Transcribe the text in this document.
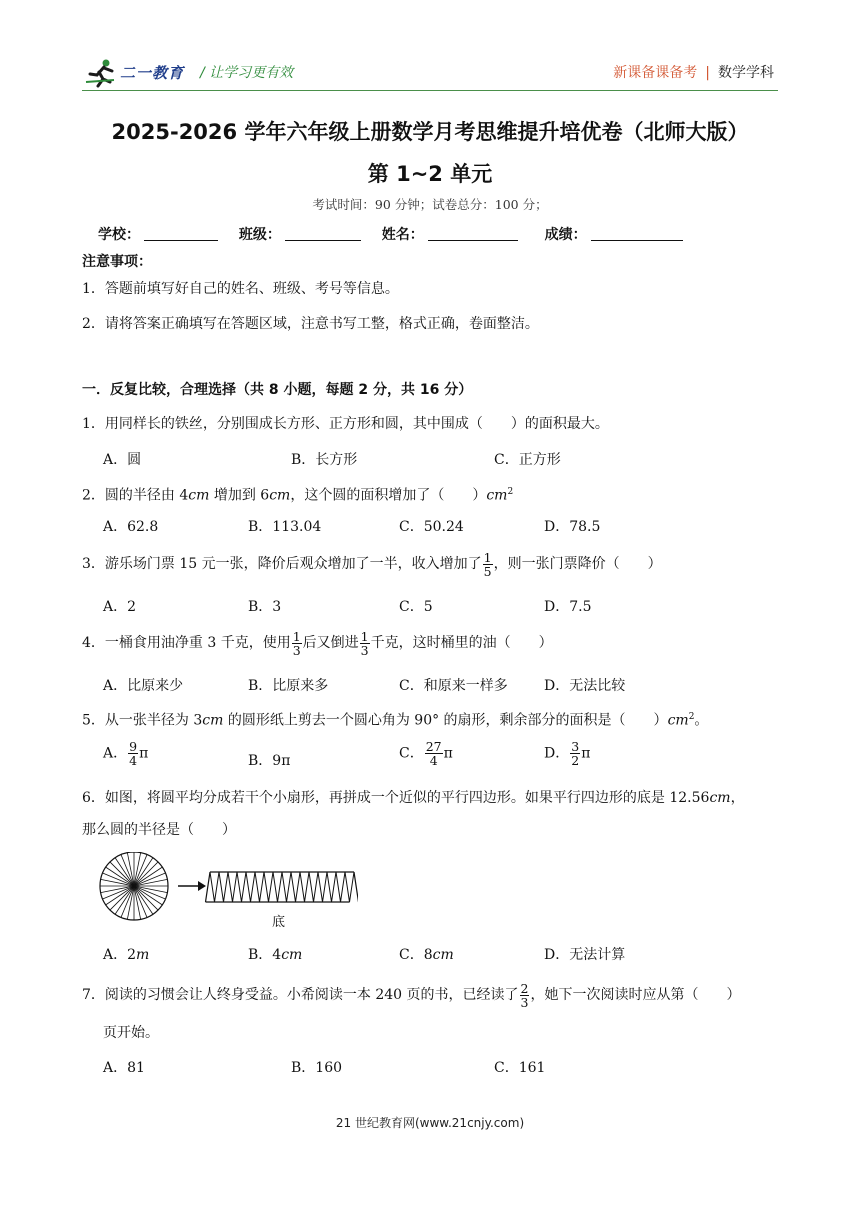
二一教育 / 让学习更有效	新课备课备考 | 数学学科
2025-2026 学年六年级上册数学月考思维提升培优卷（北师大版）
第 1~2 单元
考试时间：90 分钟；试卷总分：100 分；
学校：	班级：	姓名：	成绩：
注意事项：
1．答题前填写好自己的姓名、班级、考号等信息。
2．请将答案正确填写在答题区域，注意书写工整，格式正确，卷面整洁。
一．反复比较，合理选择（共 8 小题，每题 2 分，共 16 分）
1．用同样长的铁丝，分别围成长方形、正方形和圆，其中围成（　　）的面积最大。
A．圆	B．长方形	C．正方形
2．圆的半径由 4cm 增加到 6cm，这个圆的面积增加了（　　）$cm^2$
A．62.8	B．113.04	C．50.24	D．78.5
3．游乐场门票 15 元一张，降价后观众增加了一半，收入增加了 $\frac{1}{5}$ ，则一张门票降价（　　）
A．2	B．3	C．5	D．7.5
4．一桶食用油净重 3 千克，使用 $\frac{1}{3}$ 后又倒进 $\frac{1}{3}$ 千克，这时桶里的油（　　）
A．比原来少	B．比原来多	C．和原来一样多	D．无法比较
5．从一张半径为 3cm 的圆形纸上剪去一个圆心角为 90° 的扇形，剩余部分的面积是（　　）$cm^2$。
A． $\frac{9}{4}$ π	B．9π	C． $\frac{27}{4}$ π	D． $\frac{3}{2}$ π
6．如图，将圆平均分成若干个小扇形，再拼成一个近似的平行四边形。如果平行四边形的底是 12.56cm，
那么圆的半径是（　　）
底
A．2m	B．4cm	C．8cm	D．无法计算
7．阅读的习惯会让人终身受益。小希阅读一本 240 页的书，已经读了 $\frac{2}{3}$ ，她下一次阅读时应从第（　　）
页开始。
A．81	B．160	C．161
21 世纪教育网(www.21cnjy.com)
